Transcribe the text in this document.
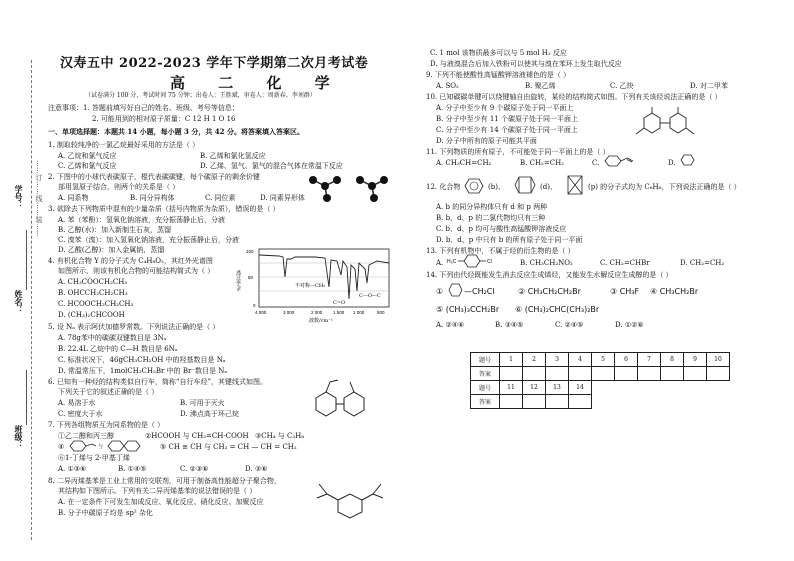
学号：
姓名：
班级：
……订……线……装……
汉寿五中 2022-2023 学年下学期第二次月考试卷
高 二 化 学
（试卷满分 100 分，考试时间 75 分钟；出卷人：王胜斌，审卷人：周新春、李刘群）
注意事项：1. 答题前填写好自己的姓名、班级、考号等信息；
2. 可能用到的相对原子质量：C 12 H 1 O 16
一、单项选择题：本题共 14 小题，每小题 3 分，共 42 分。将答案填入答案区。
1. 制取较纯净的一氯乙烷最好采用的方法是（ ）
A. 乙烷和氯气反应	B. 乙烯和氯化氢反应
C. 乙烯和氯气反应	D. 乙烯、氢气、氯气的混合气体在常温下反应
2. 下图中的小球代表碳原子，棍代表碳碳键，每个碳原子的剩余价键
部用氢原子结合，则两个的关系是（ ）
A. 同系物	B. 同分异构体	C. 同位素	D. 同素异形体
3. 欲除去下列物质中混有的少量杂质（括号内物质为杂质），错误的是（ ）
A. 苯（苯酚）：氢氧化钠溶液，充分振荡静止后，分液
B. 乙醇(水)：加入新制生石灰，蒸馏
C. 溴苯（溴）：加入氢氧化钠溶液，充分振荡静止后，分液
D. 乙酸(乙醇)：加入金属钠，蒸馏
4. 有机化合物 Y 的分子式为 C₄H₈O₂，其红外光谱图
如图所示，则该有机化合物的可能结构简式为（ ）
A. CH₃COOCH₂CH₃
B. OHCCH₂CH₂CH₃
C. HCOOCH₂CH₂CH₃
D. (CH₃)₂CHCOOH
100
50
0
不对称—CH₃
C=O
C—O—C
4 000	3 000	2 000 1 500 1 000	500
波数/cm⁻¹
透过率/%
5. 设 Nₐ 表示阿伏加德罗常数。下列说法正确的是（ ）
A. 78g苯中的碳碳双键数目是 3Nₐ
B. 22.4L 乙烷中的 C—H 数目是 6Nₐ
C. 标准状况下，46gCH₃CH₂OH 中的羟基数目是 Nₐ
D. 常温常压下，1molCH₃CH₂Br 中的 Br⁻数目是 Nₐ
6. 已知有一种烃的结构类似自行车，简称“自行车烃”，其键线式如图。
下列关于它的叙述正确的是（ ）
A. 易溶于水	B. 可用于灭火
C. 密度大于水	D. 沸点高于环己烷
7. 下列各组物质互为同系物的是（ ）
①乙二醇和丙三醇	②HCOOH 与 CH₂=CH-COOH ③CH₄ 与 C₃H₈
④	与	⑤ CH ≡ CH 与 CH₂ = CH — CH = CH₂
⑥1-丁烯与 2-甲基丁烯
A. ①③⑥	B. ①④⑤	C. ②③⑥	D. ③⑥
8. 二异丙烯基苯是工业上常用的交联剂，可用于制备高性能超分子聚合物，
其结构如下图所示。下列有关二异丙烯基苯的说法错误的是（ ）
A. 在一定条件下可发生加成反应、氧化反应、硝化反应、加聚反应
B. 分子中碳原子均是 sp² 杂化
C. 1 mol 该物质最多可以与 5 mol H₂ 反应
D. 与液溴混合后加入铁粉可以使其与溴在苯环上发生取代反应
9. 下列不能使酸性高锰酸钾溶液褪色的是（ ）
A. SO₂	B. 聚乙烯	C. 乙炔	D. 对二甲苯
10. 已知碳碳单键可以绕键轴自由旋转，某烃的结构简式如图。下列有关该烃说法正确的是（ ）
A. 分子中至少有 9 个碳原子处于同一平面上
B. 分子中至少有 11 个碳原子处于同一平面上
C. 分子中至少有 14 个碳原子处于同一平面上
D. 分子中所有的原子可能共平面
11. 下列物质的所有原子，不可能处于同一平面上的是（ ）
A. CH₃CH=CH₂	B. CH₂=CH₂	C.	D.
12. 化合物	(b)、	(d)、	(p) 的分子式均为 C₆H₆，下列说法正确的是（ ）
A. b 的同分异构体只有 d 和 p 两种
B. b、d、p 的二氯代物均只有三种
C. b、d、p 均可与酸性高锰酸钾溶液反应
D. b、d、p 中只有 b 的所有原子处于同一平面
13. 下列有机物中，不属于烃的衍生物的是（ ）
A. H₃C	Cl	B. CH₃CH₂NO₂	C. CH₂=CHBr	D. CH₂=CH₂
14. 下列由代烃既能发生消去反应生成烯烃，又能发生水解反应生成醇的是（ ）
①	—CH₂Cl	② CH₃CH₂CH₂Br	③ CH₃F ④ CH₃CH₂Br
⑤ (CH₃)₃CCH₂Br ⑥ (CH₃)₂CHC(CH₃)₂Br
A. ②④⑥	B. ③④⑤	C. ②④⑤	D. ①②⑥
题号	1	2	3	4	5	6	7	8	9	10
答案										
题号	11	12	13	14						
答案										
